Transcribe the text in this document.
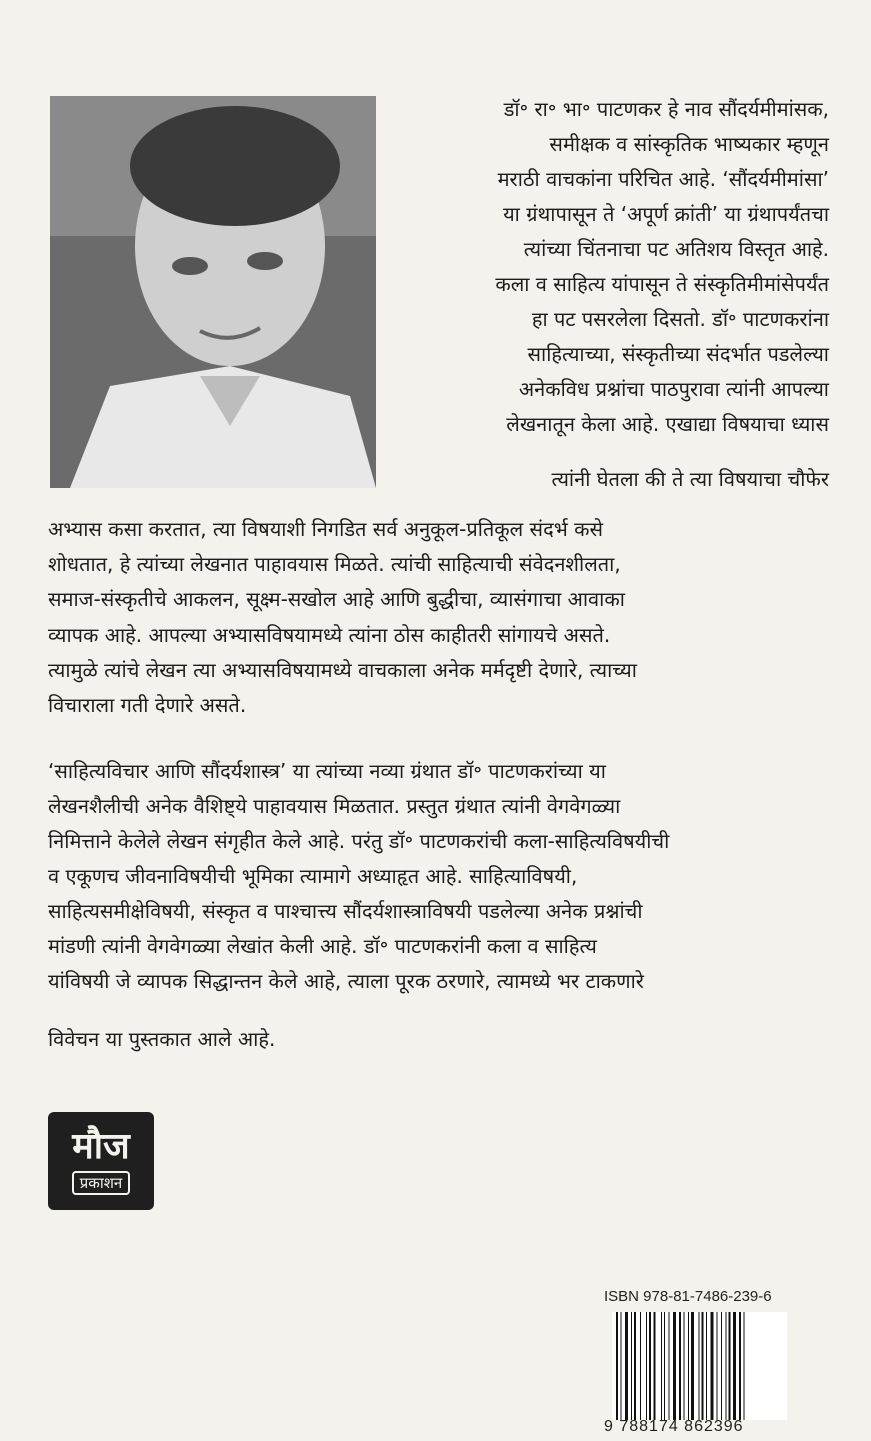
डॉ॰ रा॰ भा॰ पाटणकर हे नाव सौंदर्यमीमांसक,
समीक्षक व सांस्कृतिक भाष्यकार म्हणून
मराठी वाचकांना परिचित आहे. ‘सौंदर्यमीमांसा’
या ग्रंथापासून ते ‘अपूर्ण क्रांती’ या ग्रंथापर्यंतचा
त्यांच्या चिंतनाचा पट अतिशय विस्तृत आहे.
कला व साहित्य यांपासून ते संस्कृतिमीमांसेपर्यंत
हा पट पसरलेला दिसतो. डॉ॰ पाटणकरांना
साहित्याच्या, संस्कृतीच्या संदर्भात पडलेल्या
अनेकविध प्रश्नांचा पाठपुरावा त्यांनी आपल्या
लेखनातून केला आहे. एखाद्या विषयाचा ध्यास
त्यांनी घेतला की ते त्या विषयाचा चौफेर
अभ्यास कसा करतात, त्या विषयाशी निगडित सर्व अनुकूल-प्रतिकूल संदर्भ कसे
शोधतात, हे त्यांच्या लेखनात पाहावयास मिळते. त्यांची साहित्याची संवेदनशीलता,
समाज-संस्कृतीचे आकलन, सूक्ष्म-सखोल आहे आणि बुद्धीचा, व्यासंगाचा आवाका
व्यापक आहे. आपल्या अभ्यासविषयामध्ये त्यांना ठोस काहीतरी सांगायचे असते.
त्यामुळे त्यांचे लेखन त्या अभ्यासविषयामध्ये वाचकाला अनेक मर्मदृष्टी देणारे, त्याच्या
विचाराला गती देणारे असते.
‘साहित्यविचार आणि सौंदर्यशास्त्र’ या त्यांच्या नव्या ग्रंथात डॉ॰ पाटणकरांच्या या
लेखनशैलीची अनेक वैशिष्ट्ये पाहावयास मिळतात. प्रस्तुत ग्रंथात त्यांनी वेगवेगळ्या
निमित्ताने केलेले लेखन संगृहीत केले आहे. परंतु डॉ॰ पाटणकरांची कला-साहित्यविषयीची
व एकूणच जीवनाविषयीची भूमिका त्यामागे अध्याहृत आहे. साहित्याविषयी,
साहित्यसमीक्षेविषयी, संस्कृत व पाश्चात्त्य सौंदर्यशास्त्राविषयी पडलेल्या अनेक प्रश्नांची
मांडणी त्यांनी वेगवेगळ्या लेखांत केली आहे. डॉ॰ पाटणकरांनी कला व साहित्य
यांविषयी जे व्यापक सिद्धान्तन केले आहे, त्याला पूरक ठरणारे, त्यामध्ये भर टाकणारे
विवेचन या पुस्तकात आले आहे.
मौज
प्रकाशन
ISBN 978-81-7486-239-6
9 788174 862396
